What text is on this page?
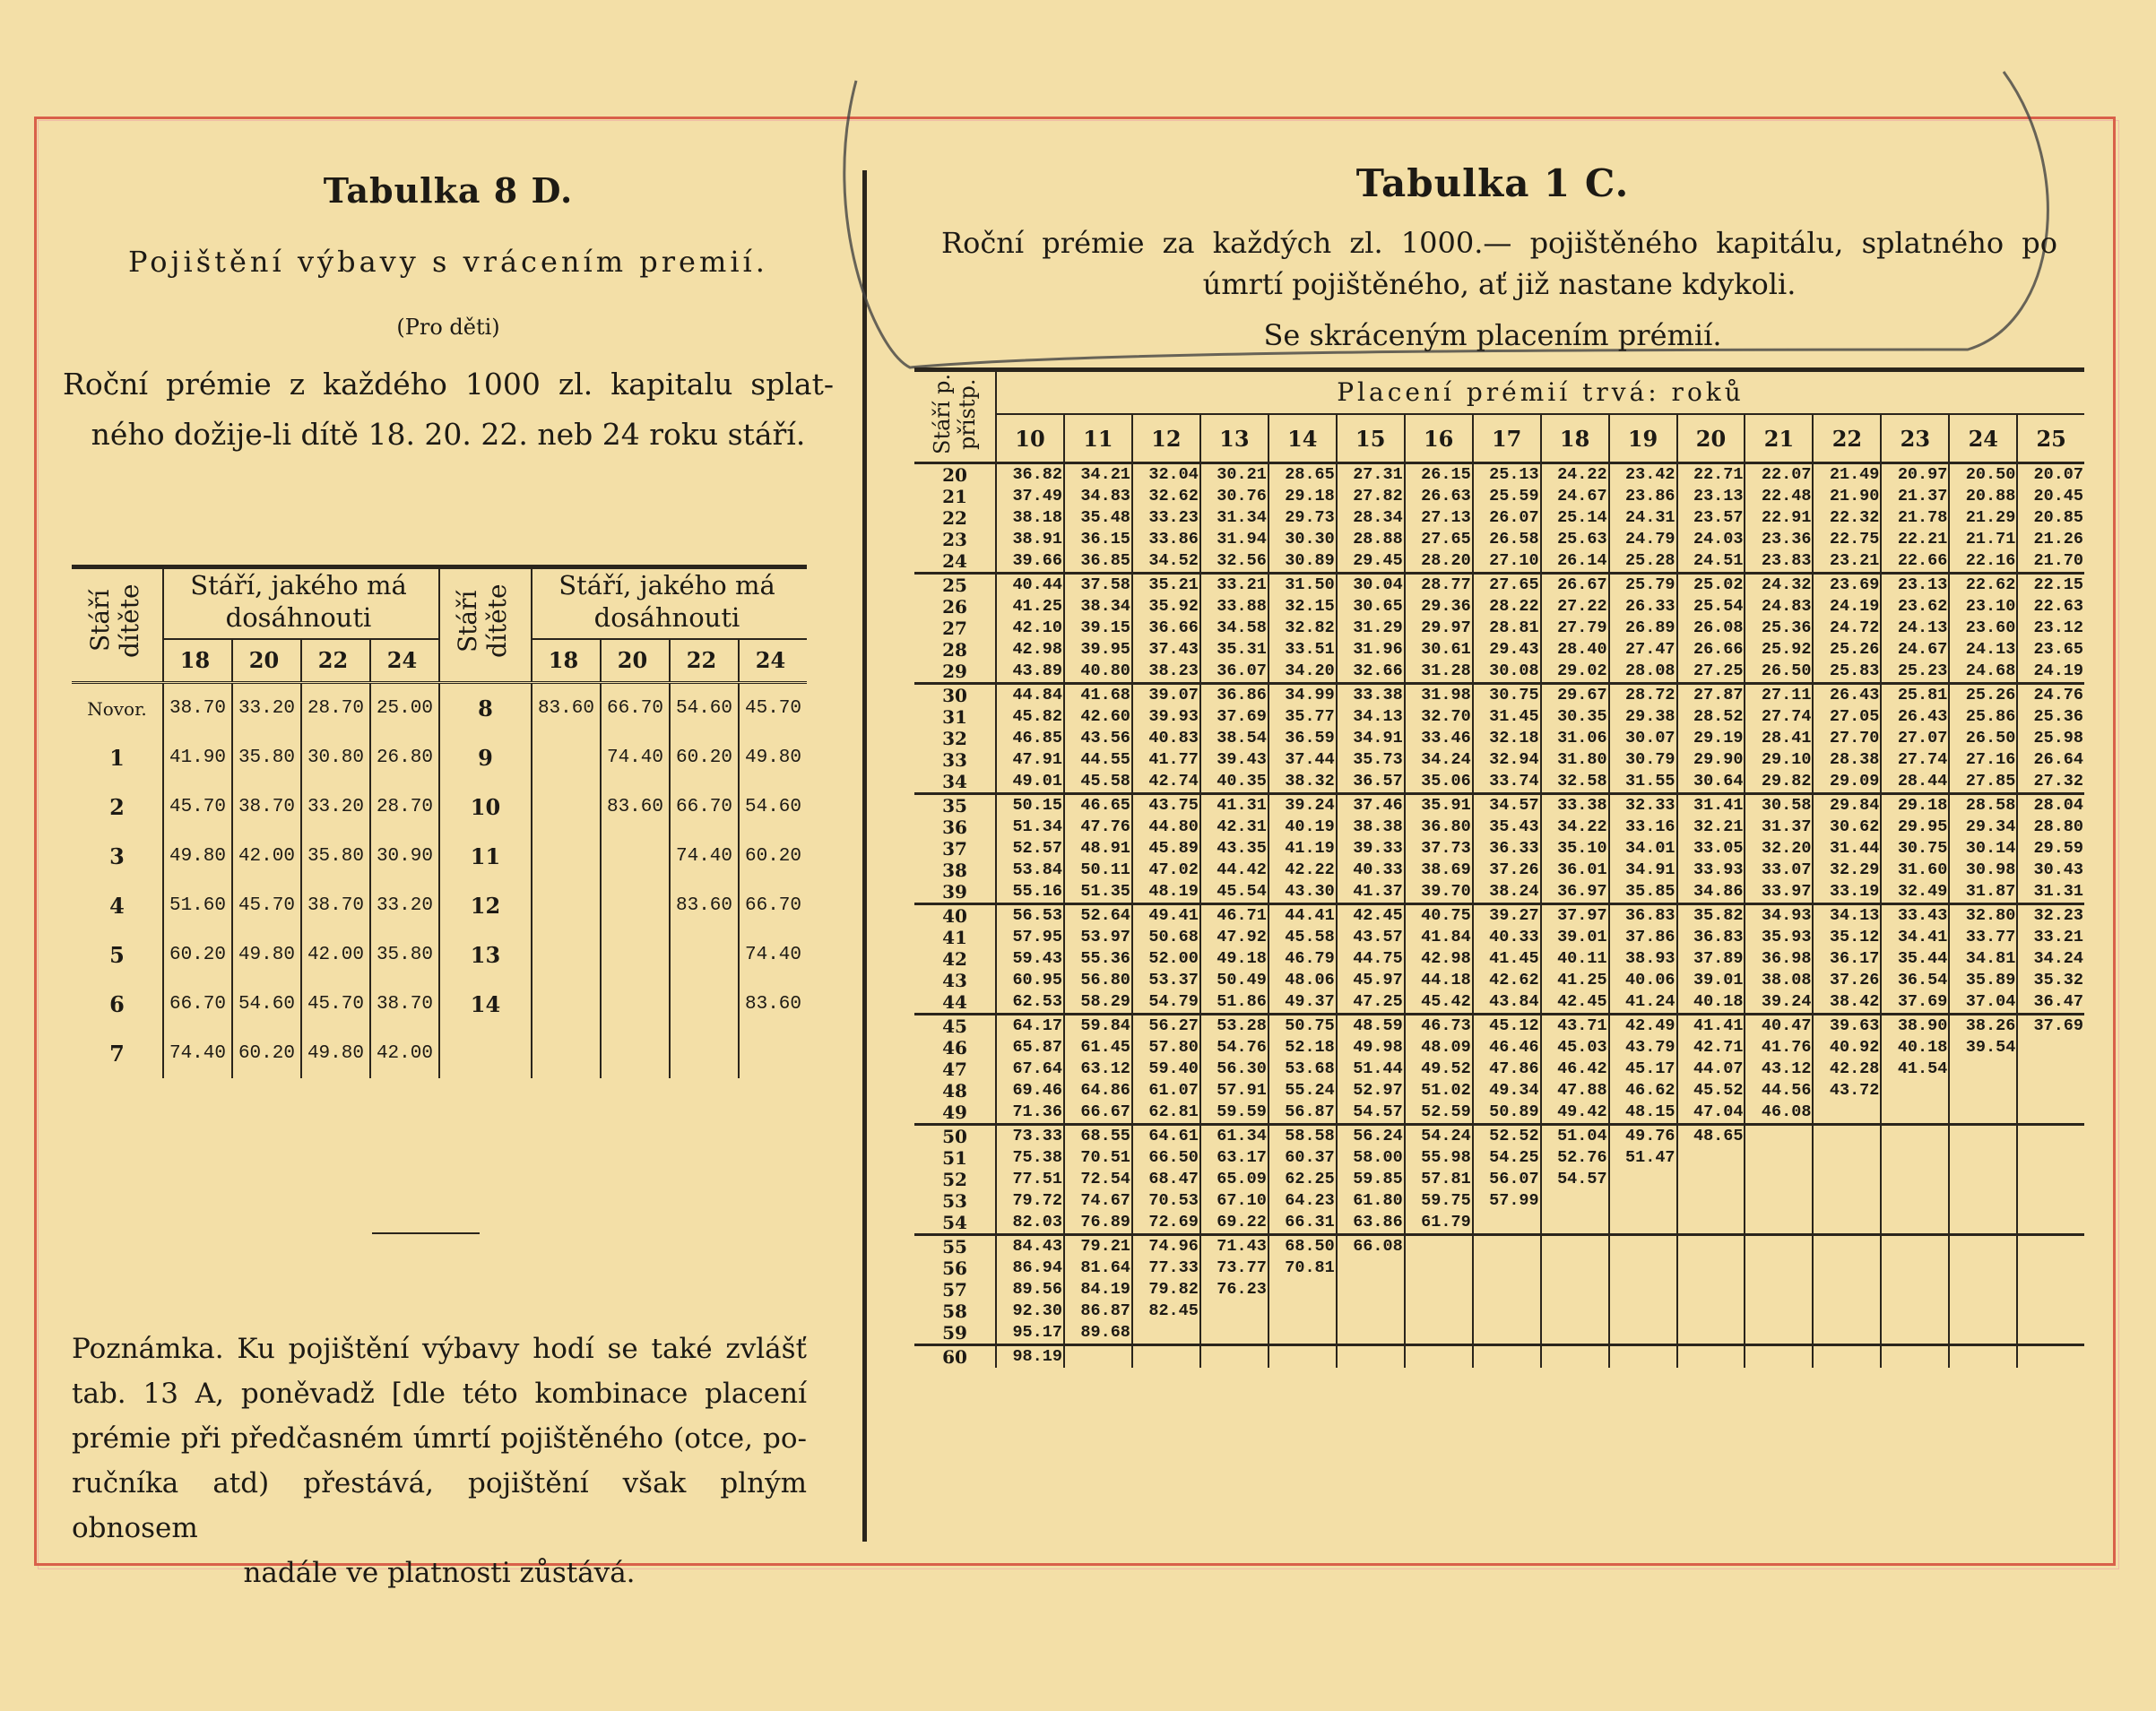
Tabulka 8 D.
Pojištění výbavy s vrácením premií.
(Pro děti)
Roční prémie z každého 1000 zl. kapitalu splat-
ného dožije-li dítě 18. 20. 22. neb 24 roku stáří.
Stáří dítěte	Stáří, jakého má dosáhnouti				Stáří dítěte	Stáří, jakého má dosáhnouti			
	18	20	22	24		18	20	22	24
Novor.	38.70	33.20	28.70	25.00	8	83.60	66.70	54.60	45.70
1	41.90	35.80	30.80	26.80	9		74.40	60.20	49.80
2	45.70	38.70	33.20	28.70	10		83.60	66.70	54.60
3	49.80	42.00	35.80	30.90	11			74.40	60.20
4	51.60	45.70	38.70	33.20	12			83.60	66.70
5	60.20	49.80	42.00	35.80	13				74.40
6	66.70	54.60	45.70	38.70	14				83.60
7	74.40	60.20	49.80	42.00					
Poznámka. Ku pojištění výbavy hodí se také zvlášť
tab. 13 A, poněvadž [dle této kombinace placení
prémie při předčasném úmrtí pojištěného (otce, po-
ručníka atd) přestává, pojištění však plným obnosem
nadále ve platnosti zůstává.
Tabulka 1 C.
Roční prémie za každých zl. 1000.— pojištěného kapitálu, splatného po
úmrtí pojištěného, ať již nastane kdykoli.
Se skráceným placením prémií.
Stáří p. přístp.	Placení prémií trvá: roků															
	10	11	12	13	14	15	16	17	18	19	20	21	22	23	24	25
20	36.82	34.21	32.04	30.21	28.65	27.31	26.15	25.13	24.22	23.42	22.71	22.07	21.49	20.97	20.50	20.07
21	37.49	34.83	32.62	30.76	29.18	27.82	26.63	25.59	24.67	23.86	23.13	22.48	21.90	21.37	20.88	20.45
22	38.18	35.48	33.23	31.34	29.73	28.34	27.13	26.07	25.14	24.31	23.57	22.91	22.32	21.78	21.29	20.85
23	38.91	36.15	33.86	31.94	30.30	28.88	27.65	26.58	25.63	24.79	24.03	23.36	22.75	22.21	21.71	21.26
24	39.66	36.85	34.52	32.56	30.89	29.45	28.20	27.10	26.14	25.28	24.51	23.83	23.21	22.66	22.16	21.70
25	40.44	37.58	35.21	33.21	31.50	30.04	28.77	27.65	26.67	25.79	25.02	24.32	23.69	23.13	22.62	22.15
26	41.25	38.34	35.92	33.88	32.15	30.65	29.36	28.22	27.22	26.33	25.54	24.83	24.19	23.62	23.10	22.63
27	42.10	39.15	36.66	34.58	32.82	31.29	29.97	28.81	27.79	26.89	26.08	25.36	24.72	24.13	23.60	23.12
28	42.98	39.95	37.43	35.31	33.51	31.96	30.61	29.43	28.40	27.47	26.66	25.92	25.26	24.67	24.13	23.65
29	43.89	40.80	38.23	36.07	34.20	32.66	31.28	30.08	29.02	28.08	27.25	26.50	25.83	25.23	24.68	24.19
30	44.84	41.68	39.07	36.86	34.99	33.38	31.98	30.75	29.67	28.72	27.87	27.11	26.43	25.81	25.26	24.76
31	45.82	42.60	39.93	37.69	35.77	34.13	32.70	31.45	30.35	29.38	28.52	27.74	27.05	26.43	25.86	25.36
32	46.85	43.56	40.83	38.54	36.59	34.91	33.46	32.18	31.06	30.07	29.19	28.41	27.70	27.07	26.50	25.98
33	47.91	44.55	41.77	39.43	37.44	35.73	34.24	32.94	31.80	30.79	29.90	29.10	28.38	27.74	27.16	26.64
34	49.01	45.58	42.74	40.35	38.32	36.57	35.06	33.74	32.58	31.55	30.64	29.82	29.09	28.44	27.85	27.32
35	50.15	46.65	43.75	41.31	39.24	37.46	35.91	34.57	33.38	32.33	31.41	30.58	29.84	29.18	28.58	28.04
36	51.34	47.76	44.80	42.31	40.19	38.38	36.80	35.43	34.22	33.16	32.21	31.37	30.62	29.95	29.34	28.80
37	52.57	48.91	45.89	43.35	41.19	39.33	37.73	36.33	35.10	34.01	33.05	32.20	31.44	30.75	30.14	29.59
38	53.84	50.11	47.02	44.42	42.22	40.33	38.69	37.26	36.01	34.91	33.93	33.07	32.29	31.60	30.98	30.43
39	55.16	51.35	48.19	45.54	43.30	41.37	39.70	38.24	36.97	35.85	34.86	33.97	33.19	32.49	31.87	31.31
40	56.53	52.64	49.41	46.71	44.41	42.45	40.75	39.27	37.97	36.83	35.82	34.93	34.13	33.43	32.80	32.23
41	57.95	53.97	50.68	47.92	45.58	43.57	41.84	40.33	39.01	37.86	36.83	35.93	35.12	34.41	33.77	33.21
42	59.43	55.36	52.00	49.18	46.79	44.75	42.98	41.45	40.11	38.93	37.89	36.98	36.17	35.44	34.81	34.24
43	60.95	56.80	53.37	50.49	48.06	45.97	44.18	42.62	41.25	40.06	39.01	38.08	37.26	36.54	35.89	35.32
44	62.53	58.29	54.79	51.86	49.37	47.25	45.42	43.84	42.45	41.24	40.18	39.24	38.42	37.69	37.04	36.47
45	64.17	59.84	56.27	53.28	50.75	48.59	46.73	45.12	43.71	42.49	41.41	40.47	39.63	38.90	38.26	37.69
46	65.87	61.45	57.80	54.76	52.18	49.98	48.09	46.46	45.03	43.79	42.71	41.76	40.92	40.18	39.54	
47	67.64	63.12	59.40	56.30	53.68	51.44	49.52	47.86	46.42	45.17	44.07	43.12	42.28	41.54		
48	69.46	64.86	61.07	57.91	55.24	52.97	51.02	49.34	47.88	46.62	45.52	44.56	43.72			
49	71.36	66.67	62.81	59.59	56.87	54.57	52.59	50.89	49.42	48.15	47.04	46.08				
50	73.33	68.55	64.61	61.34	58.58	56.24	54.24	52.52	51.04	49.76	48.65					
51	75.38	70.51	66.50	63.17	60.37	58.00	55.98	54.25	52.76	51.47						
52	77.51	72.54	68.47	65.09	62.25	59.85	57.81	56.07	54.57							
53	79.72	74.67	70.53	67.10	64.23	61.80	59.75	57.99								
54	82.03	76.89	72.69	69.22	66.31	63.86	61.79									
55	84.43	79.21	74.96	71.43	68.50	66.08										
56	86.94	81.64	77.33	73.77	70.81											
57	89.56	84.19	79.82	76.23												
58	92.30	86.87	82.45													
59	95.17	89.68														
60	98.19															
